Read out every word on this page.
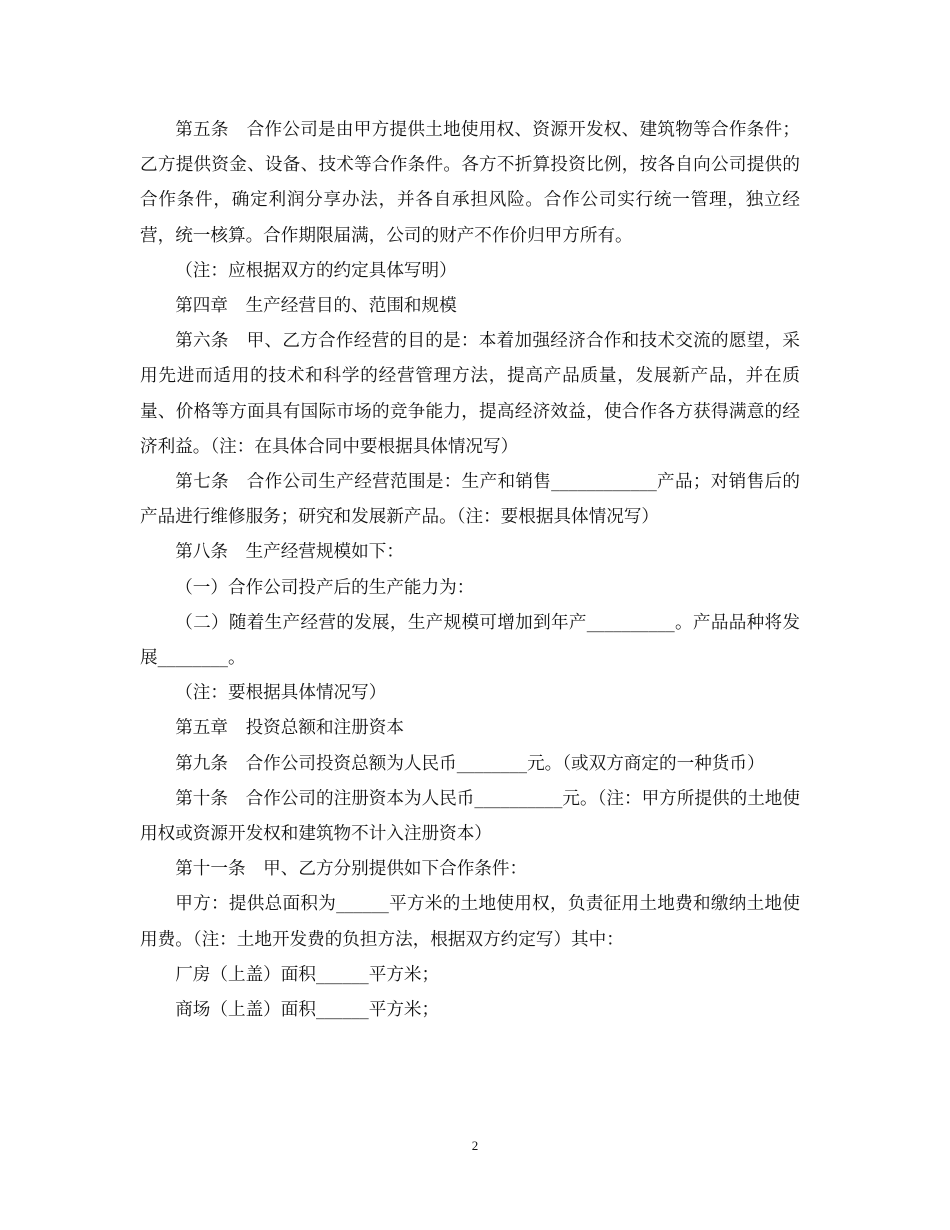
第五条　合作公司是由甲方提供土地使用权、资源开发权、建筑物等合作条件；乙方提供资金、设备、技术等合作条件。各方不折算投资比例，按各自向公司提供的合作条件，确定利润分享办法，并各自承担风险。合作公司实行统一管理，独立经营，统一核算。合作期限届满，公司的财产不作价归甲方所有。

（注：应根据双方的约定具体写明）

第四章　生产经营目的、范围和规模

第六条　甲、乙方合作经营的目的是：本着加强经济合作和技术交流的愿望，采用先进而适用的技术和科学的经营管理方法，提高产品质量，发展新产品，并在质量、价格等方面具有国际市场的竞争能力，提高经济效益，使合作各方获得满意的经济利益。（注：在具体合同中要根据具体情况写）

第七条　合作公司生产经营范围是：生产和销售____________产品；对销售后的产品进行维修服务；研究和发展新产品。（注：要根据具体情况写）

第八条　生产经营规模如下：

（一）合作公司投产后的生产能力为：

（二）随着生产经营的发展，生产规模可增加到年产__________。产品品种将发展________。

（注：要根据具体情况写）

第五章　投资总额和注册资本

第九条　合作公司投资总额为人民币________元。（或双方商定的一种货币）

第十条　合作公司的注册资本为人民币__________元。（注：甲方所提供的土地使用权或资源开发权和建筑物不计入注册资本）

第十一条　甲、乙方分别提供如下合作条件：

甲方：提供总面积为______平方米的土地使用权，负责征用土地费和缴纳土地使用费。（注：土地开发费的负担方法，根据双方约定写）其中：

厂房（上盖）面积______平方米；

商场（上盖）面积______平方米；

2
